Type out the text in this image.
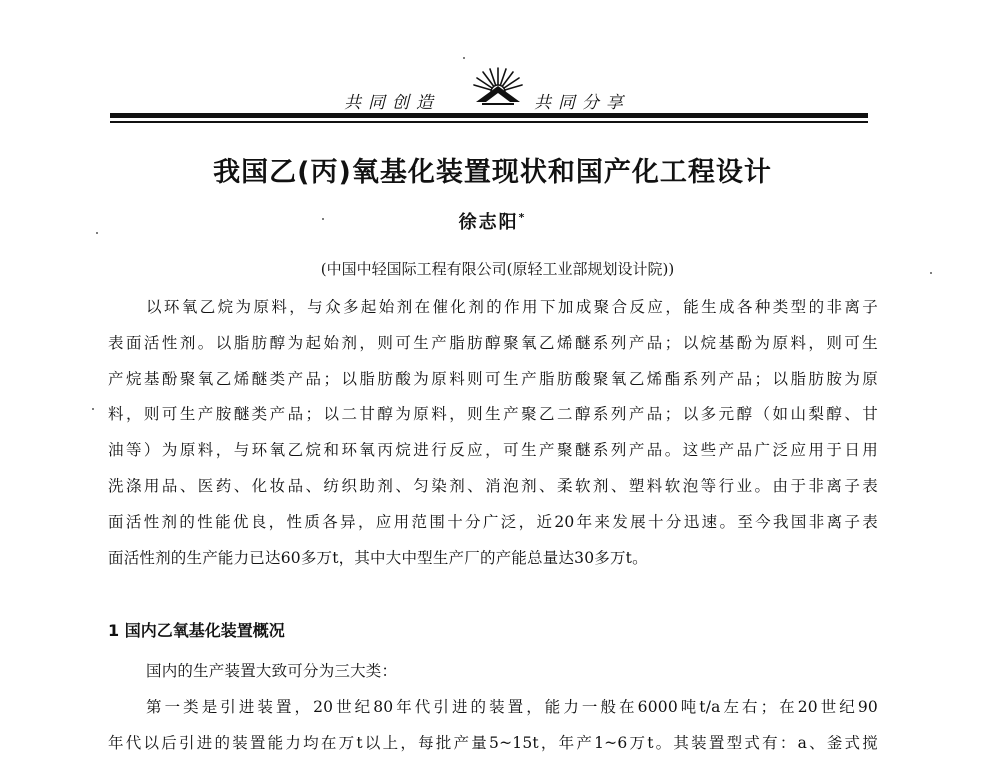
共同创造	共同分享
我国乙(丙)氧基化装置现状和国产化工程设计
徐志阳*
(中国中轻国际工程有限公司(原轻工业部规划设计院))
以环氧乙烷为原料，与众多起始剂在催化剂的作用下加成聚合反应，能生成各种类型的非离子
表面活性剂。以脂肪醇为起始剂，则可生产脂肪醇聚氧乙烯醚系列产品；以烷基酚为原料，则可生
产烷基酚聚氧乙烯醚类产品；以脂肪酸为原料则可生产脂肪酸聚氧乙烯酯系列产品；以脂肪胺为原
料，则可生产胺醚类产品；以二甘醇为原料，则生产聚乙二醇系列产品；以多元醇（如山梨醇、甘
油等）为原料，与环氧乙烷和环氧丙烷进行反应，可生产聚醚系列产品。这些产品广泛应用于日用
洗涤用品、医药、化妆品、纺织助剂、匀染剂、消泡剂、柔软剂、塑料软泡等行业。由于非离子表
面活性剂的性能优良，性质各异，应用范围十分广泛，近20年来发展十分迅速。至今我国非离子表
面活性剂的生产能力已达60多万t，其中大中型生产厂的产能总量达30多万t。
1 国内乙氧基化装置概况
国内的生产装置大致可分为三大类：
第一类是引进装置，20世纪80年代引进的装置，能力一般在6000吨t/a左右；在20世纪90
年代以后引进的装置能力均在万t以上，每批产量5~15t，年产1~6万t。其装置型式有：a、釜式搅
